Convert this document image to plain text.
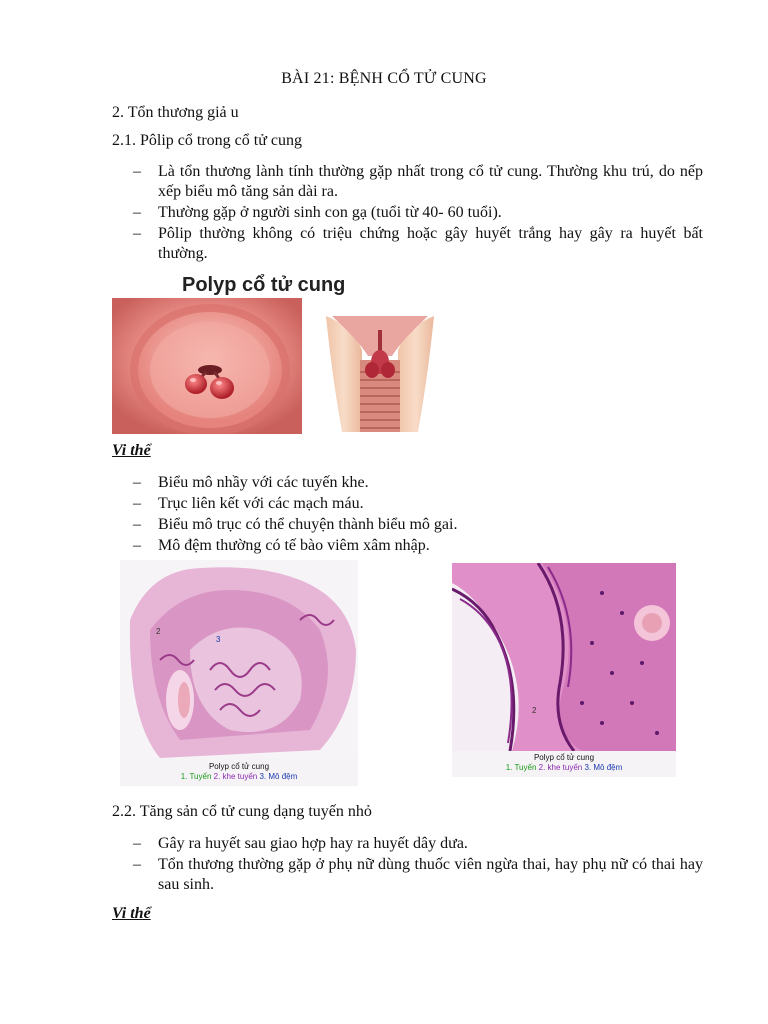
BÀI 21: BỆNH CỔ TỬ CUNG
2. Tổn thương giả u
2.1. Pôlip cổ trong cổ tử cung
– Là tổn thương lành tính thường gặp nhất trong cổ tử cung. Thường khu trú, do nếp xếp biểu mô tăng sản dài ra.
– Thường gặp ở người sinh con gạ (tuổi từ 40- 60 tuổi).
– Pôlip thường không có triệu chứng hoặc gây huyết trắng hay gây ra huyết bất thường.
Polyp cổ tử cung
Vi thể
– Biểu mô nhầy với các tuyến khe.
– Trục liên kết với các mạch máu.
– Biểu mô trục có thể chuyện thành biểu mô gai.
– Mô đệm thường có tế bào viêm xâm nhập.
2
3
Polyp cổ tử cung
1. Tuyến 2. khe tuyến 3. Mô đệm
2
Polyp cổ tử cung
1. Tuyến 2. khe tuyến 3. Mô đệm
2.2. Tăng sản cổ tử cung dạng tuyến nhỏ
– Gây ra huyết sau giao hợp hay ra huyết dây dưa.
– Tổn thương thường gặp ở phụ nữ dùng thuốc viên ngừa thai, hay phụ nữ có thai hay sau sinh.
Vi thể
